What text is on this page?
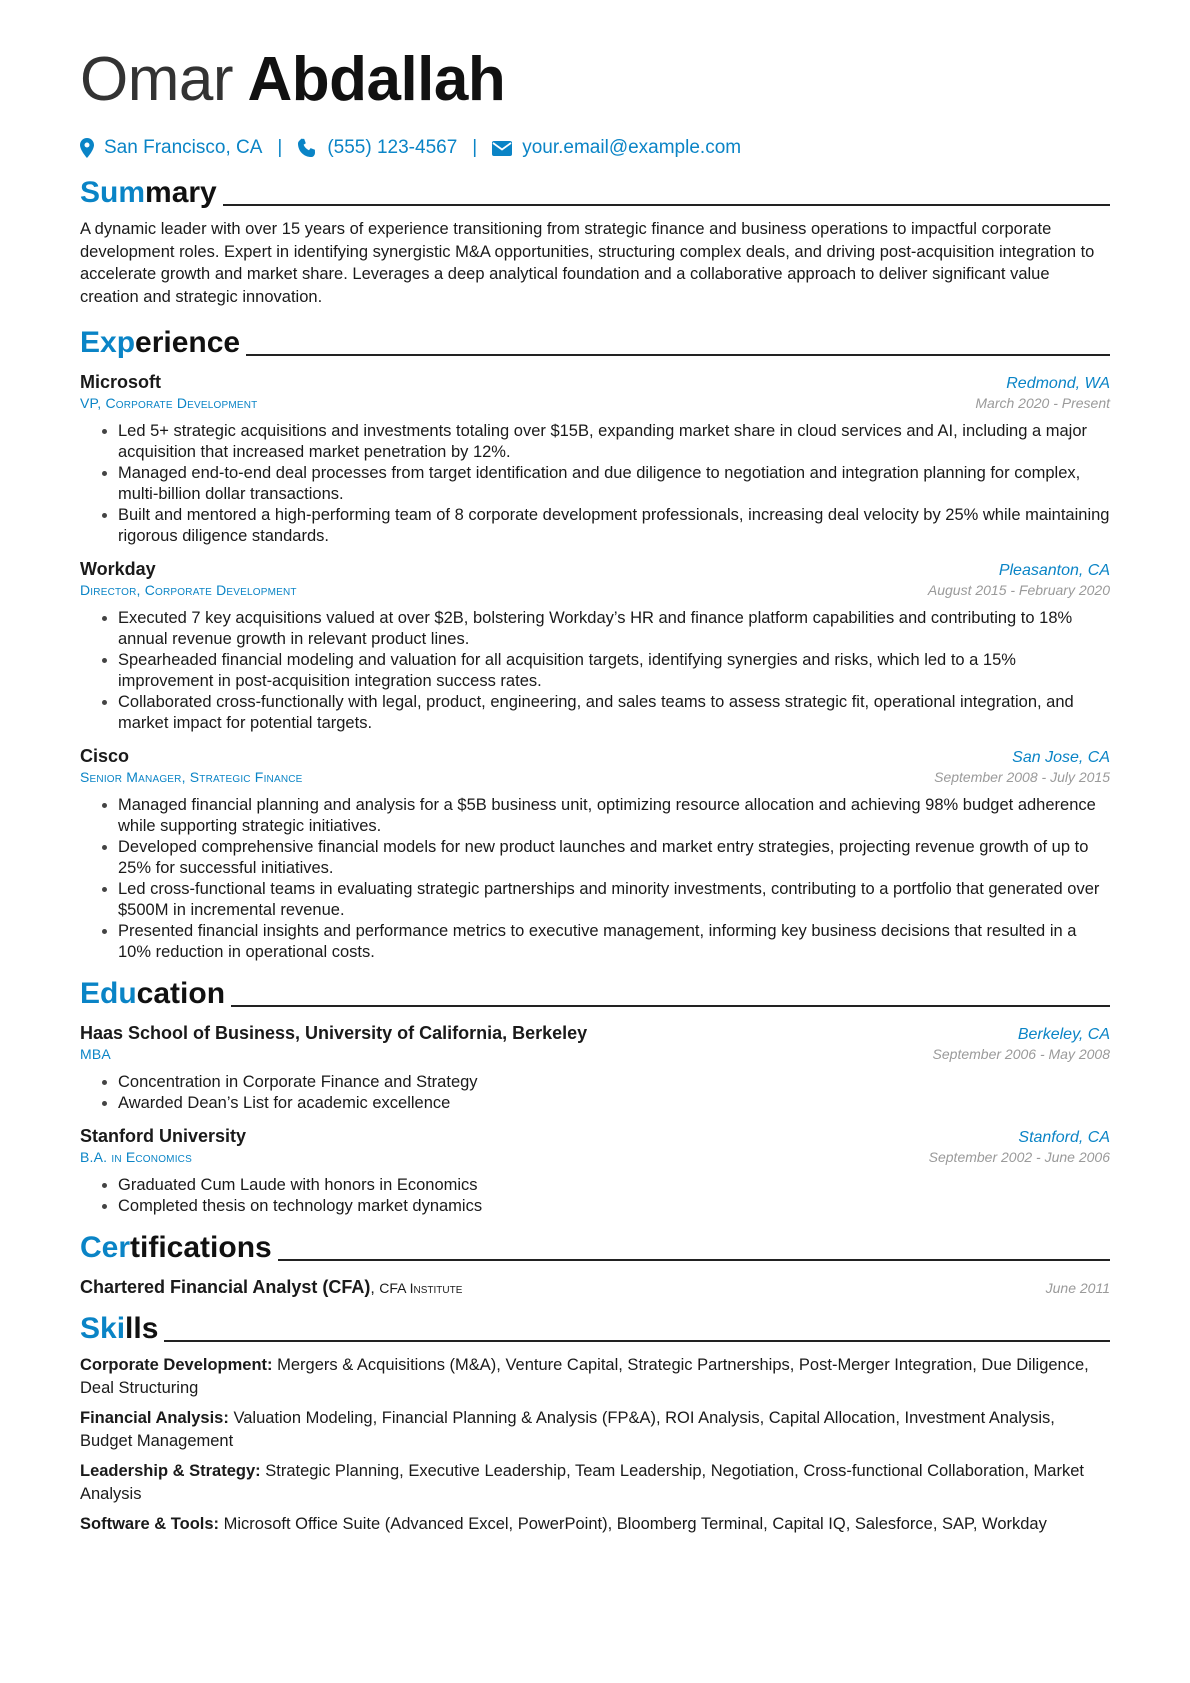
Omar Abdallah
San Francisco, CA | (555) 123-4567 | your.email@example.com
Summary

A dynamic leader with over 15 years of experience transitioning from strategic finance and business operations to impactful corporate development roles. Expert in identifying synergistic M&A opportunities, structuring complex deals, and driving post-acquisition integration to accelerate growth and market share. Leverages a deep analytical foundation and a collaborative approach to deliver significant value creation and strategic innovation.

Experience
Microsoft	Redmond, WA
VP, Corporate Development	March 2020 - Present
• Led 5+ strategic acquisitions and investments totaling over $15B, expanding market share in cloud services and AI, including a major acquisition that increased market penetration by 12%.
• Managed end-to-end deal processes from target identification and due diligence to negotiation and integration planning for complex, multi-billion dollar transactions.
• Built and mentored a high-performing team of 8 corporate development professionals, increasing deal velocity by 25% while maintaining rigorous diligence standards.
Workday	Pleasanton, CA
Director, Corporate Development	August 2015 - February 2020
• Executed 7 key acquisitions valued at over $2B, bolstering Workday’s HR and finance platform capabilities and contributing to 18% annual revenue growth in relevant product lines.
• Spearheaded financial modeling and valuation for all acquisition targets, identifying synergies and risks, which led to a 15% improvement in post-acquisition integration success rates.
• Collaborated cross-functionally with legal, product, engineering, and sales teams to assess strategic fit, operational integration, and market impact for potential targets.
Cisco	San Jose, CA
Senior Manager, Strategic Finance	September 2008 - July 2015
• Managed financial planning and analysis for a $5B business unit, optimizing resource allocation and achieving 98% budget adherence while supporting strategic initiatives.
• Developed comprehensive financial models for new product launches and market entry strategies, projecting revenue growth of up to 25% for successful initiatives.
• Led cross-functional teams in evaluating strategic partnerships and minority investments, contributing to a portfolio that generated over $500M in incremental revenue.
• Presented financial insights and performance metrics to executive management, informing key business decisions that resulted in a 10% reduction in operational costs.
Education
Haas School of Business, University of California, Berkeley	Berkeley, CA
MBA	September 2006 - May 2008
• Concentration in Corporate Finance and Strategy
• Awarded Dean’s List for academic excellence
Stanford University	Stanford, CA
B.A. in Economics	September 2002 - June 2006
• Graduated Cum Laude with honors in Economics
• Completed thesis on technology market dynamics
Certifications
Chartered Financial Analyst (CFA), CFA Institute	June 2011
Skills
Corporate Development: Mergers & Acquisitions (M&A), Venture Capital, Strategic Partnerships, Post-Merger Integration, Due Diligence, Deal Structuring
Financial Analysis: Valuation Modeling, Financial Planning & Analysis (FP&A), ROI Analysis, Capital Allocation, Investment Analysis, Budget Management
Leadership & Strategy: Strategic Planning, Executive Leadership, Team Leadership, Negotiation, Cross-functional Collaboration, Market Analysis
Software & Tools: Microsoft Office Suite (Advanced Excel, PowerPoint), Bloomberg Terminal, Capital IQ, Salesforce, SAP, Workday
